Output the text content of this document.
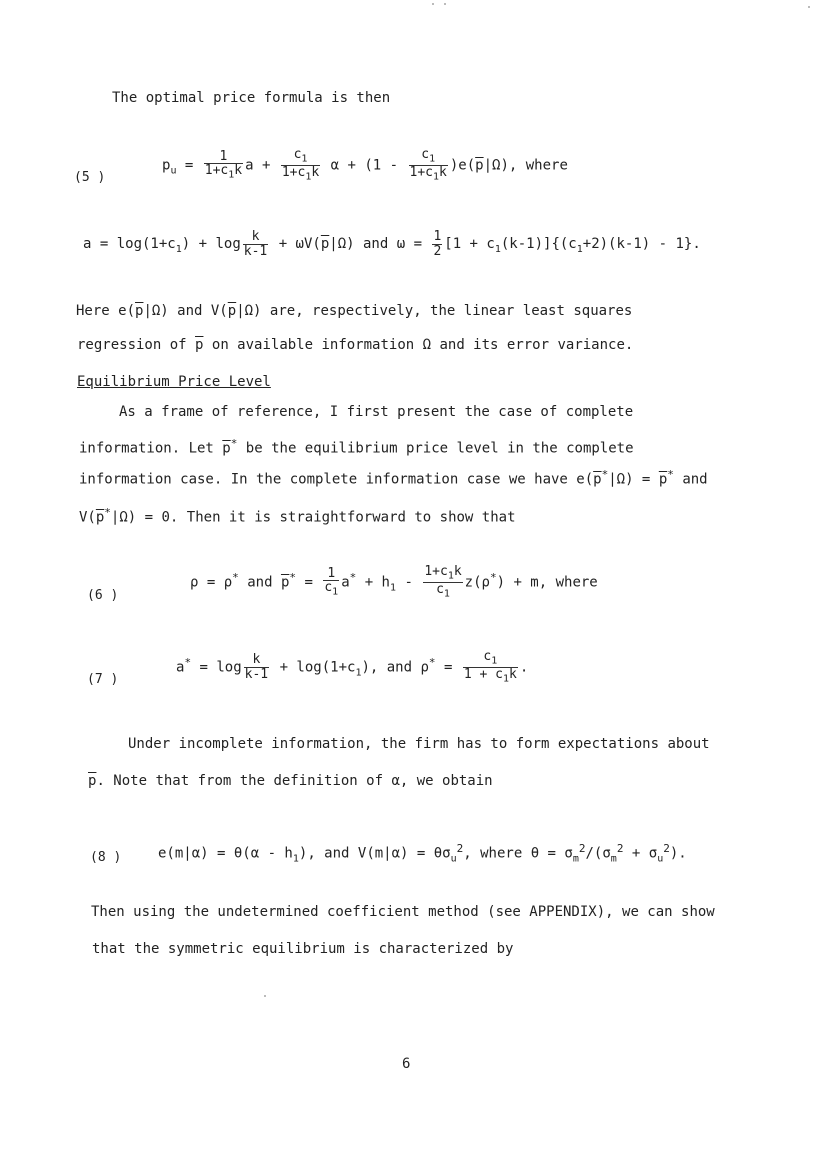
The optimal price formula is then
(5 )
$p_u = \frac{1}{1+c_1k}$ $a + \frac{c_1}{1+c_1k}$ $\alpha + (1 - \frac{c_1}{1+c_1k} )e(\overline{p}|\Omega)$, where
$a = \log(1+c_1) + \log \frac{k}{k-1} + \omega V(\overline{p}|\Omega)$ and $\omega = \frac{1}{2} [1 + c_1(k-1)]\{(c_1+2)(k-1) - 1\}$.
Here $e(\overline{p}|\Omega)$ and $V(\overline{p}|\Omega)$ are, respectively, the linear least squares
regression of $\overline{p}$ on available information Ω and its error variance.
Equilibrium Price Level
As a frame of reference, I first present the case of complete
information. Let $\overline{p}^*$ be the equilibrium price level in the complete
information case. In the complete information case we have $e(\overline{p}^*|\Omega) = \overline{p}^*$ and
$V(\overline{p}^*|\Omega) = 0$. Then it is straightforward to show that
(6 )
ρ = ρ* and $\overline{p}^* = \frac{1}{c_1} a^* + h_1 - \frac{1+c_1k}{c_1} z(\rho^*) + m$, where
(7 )
$a^* = \log \frac{k}{k-1} + \log(1+c_1)$, and $\rho^* = \frac{c_1}{1 + c_1k}$ .
Under incomplete information, the firm has to form expectations about
$\overline{p}$. Note that from the definition of α, we obtain
(8 )	$e(m|\alpha) = \theta(\alpha - h_1)$, and $V(m|\alpha) = \theta\sigma_u^2$, where $\theta = \sigma_m^2/(\sigma_m^2 + \sigma_u^2)$.
Then using the undetermined coefficient method (see APPENDIX), we can show
that the symmetric equilibrium is characterized by
6
